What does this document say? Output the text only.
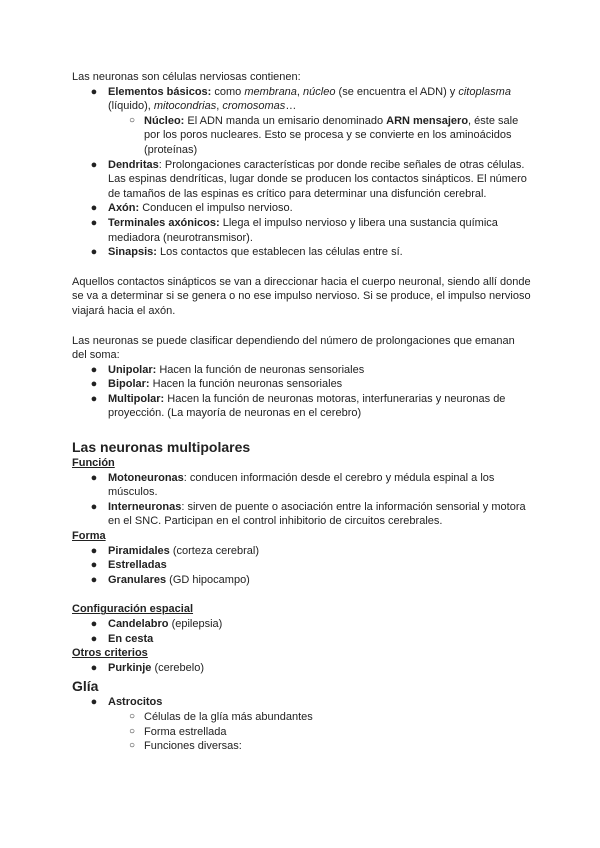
Las neuronas son células nerviosas contienen:

● Elementos básicos: como membrana, núcleo (se encuentra el ADN) y citoplasma (líquido), mitocondrias, cromosomas…
○ Núcleo: El ADN manda un emisario denominado ARN mensajero, éste sale por los poros nucleares. Esto se procesa y se convierte en los aminoácidos (proteínas)
● Dendritas: Prolongaciones características por donde recibe señales de otras células. Las espinas dendríticas, lugar donde se producen los contactos sinápticos. El número de tamaños de las espinas es crítico para determinar una disfunción cerebral.
● Axón: Conducen el impulso nervioso.
● Terminales axónicos: Llega el impulso nervioso y libera una sustancia química mediadora (neurotransmisor).
● Sinapsis: Los contactos que establecen las células entre sí.

Aquellos contactos sinápticos se van a direccionar hacia el cuerpo neuronal, siendo allí donde se va a determinar si se genera o no ese impulso nervioso. Si se produce, el impulso nervioso viajará hacia el axón.

Las neuronas se puede clasificar dependiendo del número de prolongaciones que emanan del soma:

● Unipolar: Hacen la función de neuronas sensoriales
● Bipolar: Hacen la función neuronas sensoriales
● Multipolar: Hacen la función de neuronas motoras, interfunerarias y neuronas de proyección. (La mayoría de neuronas en el cerebro)

Las neuronas multipolares

Función

● Motoneuronas: conducen información desde el cerebro y médula espinal a los músculos.
● Interneuronas: sirven de puente o asociación entre la información sensorial y motora en el SNC. Participan en el control inhibitorio de circuitos cerebrales.

Forma

● Piramidales (corteza cerebral)
● Estrelladas
● Granulares (GD hipocampo)

Configuración espacial

● Candelabro (epilepsia)
● En cesta

Otros criterios

● Purkinje (cerebelo)

Glía

● Astrocitos
○ Células de la glía más abundantes
○ Forma estrellada
○ Funciones diversas:
